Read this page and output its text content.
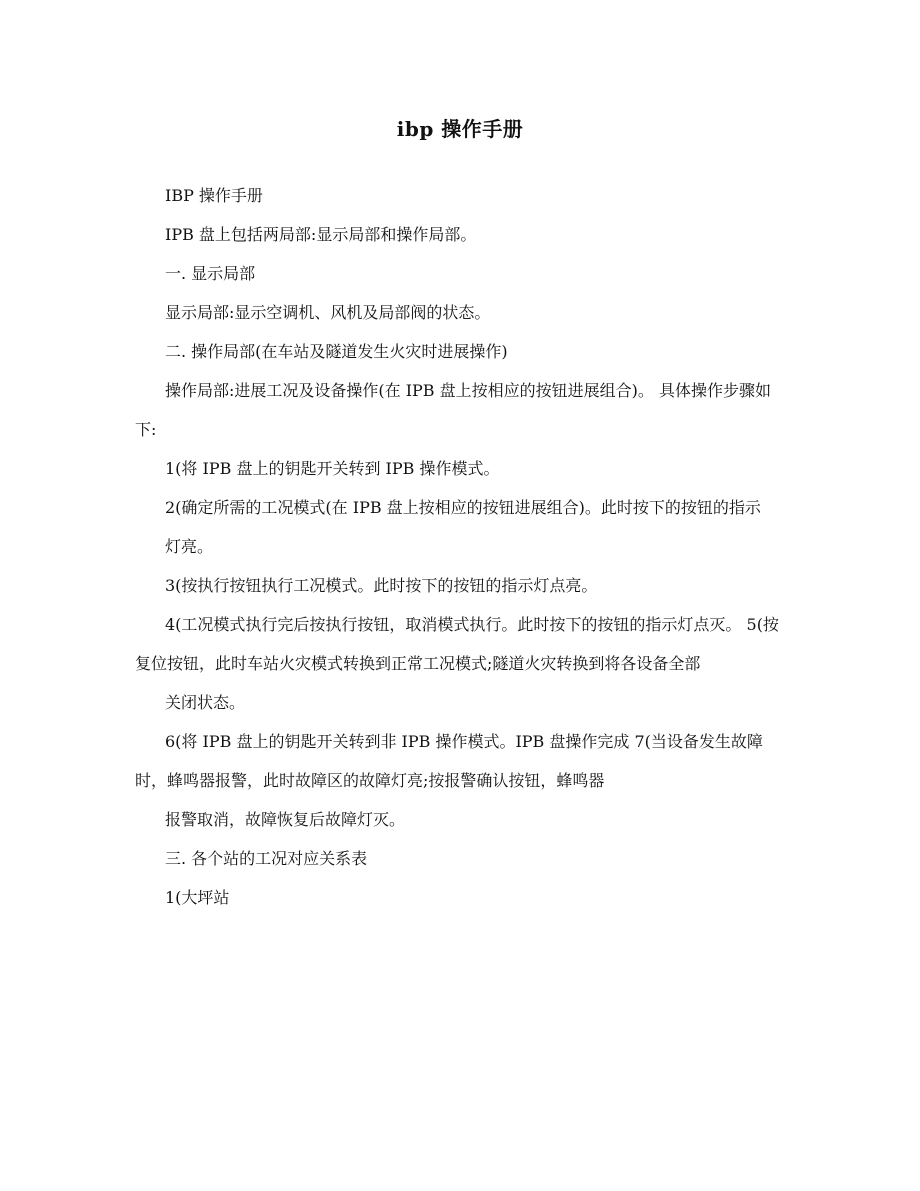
ibp 操作手册
IBP 操作手册
IPB 盘上包括两局部:显示局部和操作局部。
一. 显示局部
显示局部:显示空调机、风机及局部阀的状态。
二. 操作局部(在车站及隧道发生火灾时进展操作)
操作局部:进展工况及设备操作(在 IPB 盘上按相应的按钮进展组合)。 具体操作步骤如下:
1(将 IPB 盘上的钥匙开关转到 IPB 操作模式。
2(确定所需的工况模式(在 IPB 盘上按相应的按钮进展组合)。此时按下的按钮的指示
灯亮。
3(按执行按钮执行工况模式。此时按下的按钮的指示灯点亮。
4(工况模式执行完后按执行按钮，取消模式执行。此时按下的按钮的指示灯点灭。 5(按复位按钮，此时车站火灾模式转换到正常工况模式;隧道火灾转换到将各设备全部
关闭状态。
6(将 IPB 盘上的钥匙开关转到非 IPB 操作模式。IPB 盘操作完成 7(当设备发生故障时，蜂鸣器报警，此时故障区的故障灯亮;按报警确认按钮，蜂鸣器
报警取消，故障恢复后故障灯灭。
三. 各个站的工况对应关系表
1(大坪站
